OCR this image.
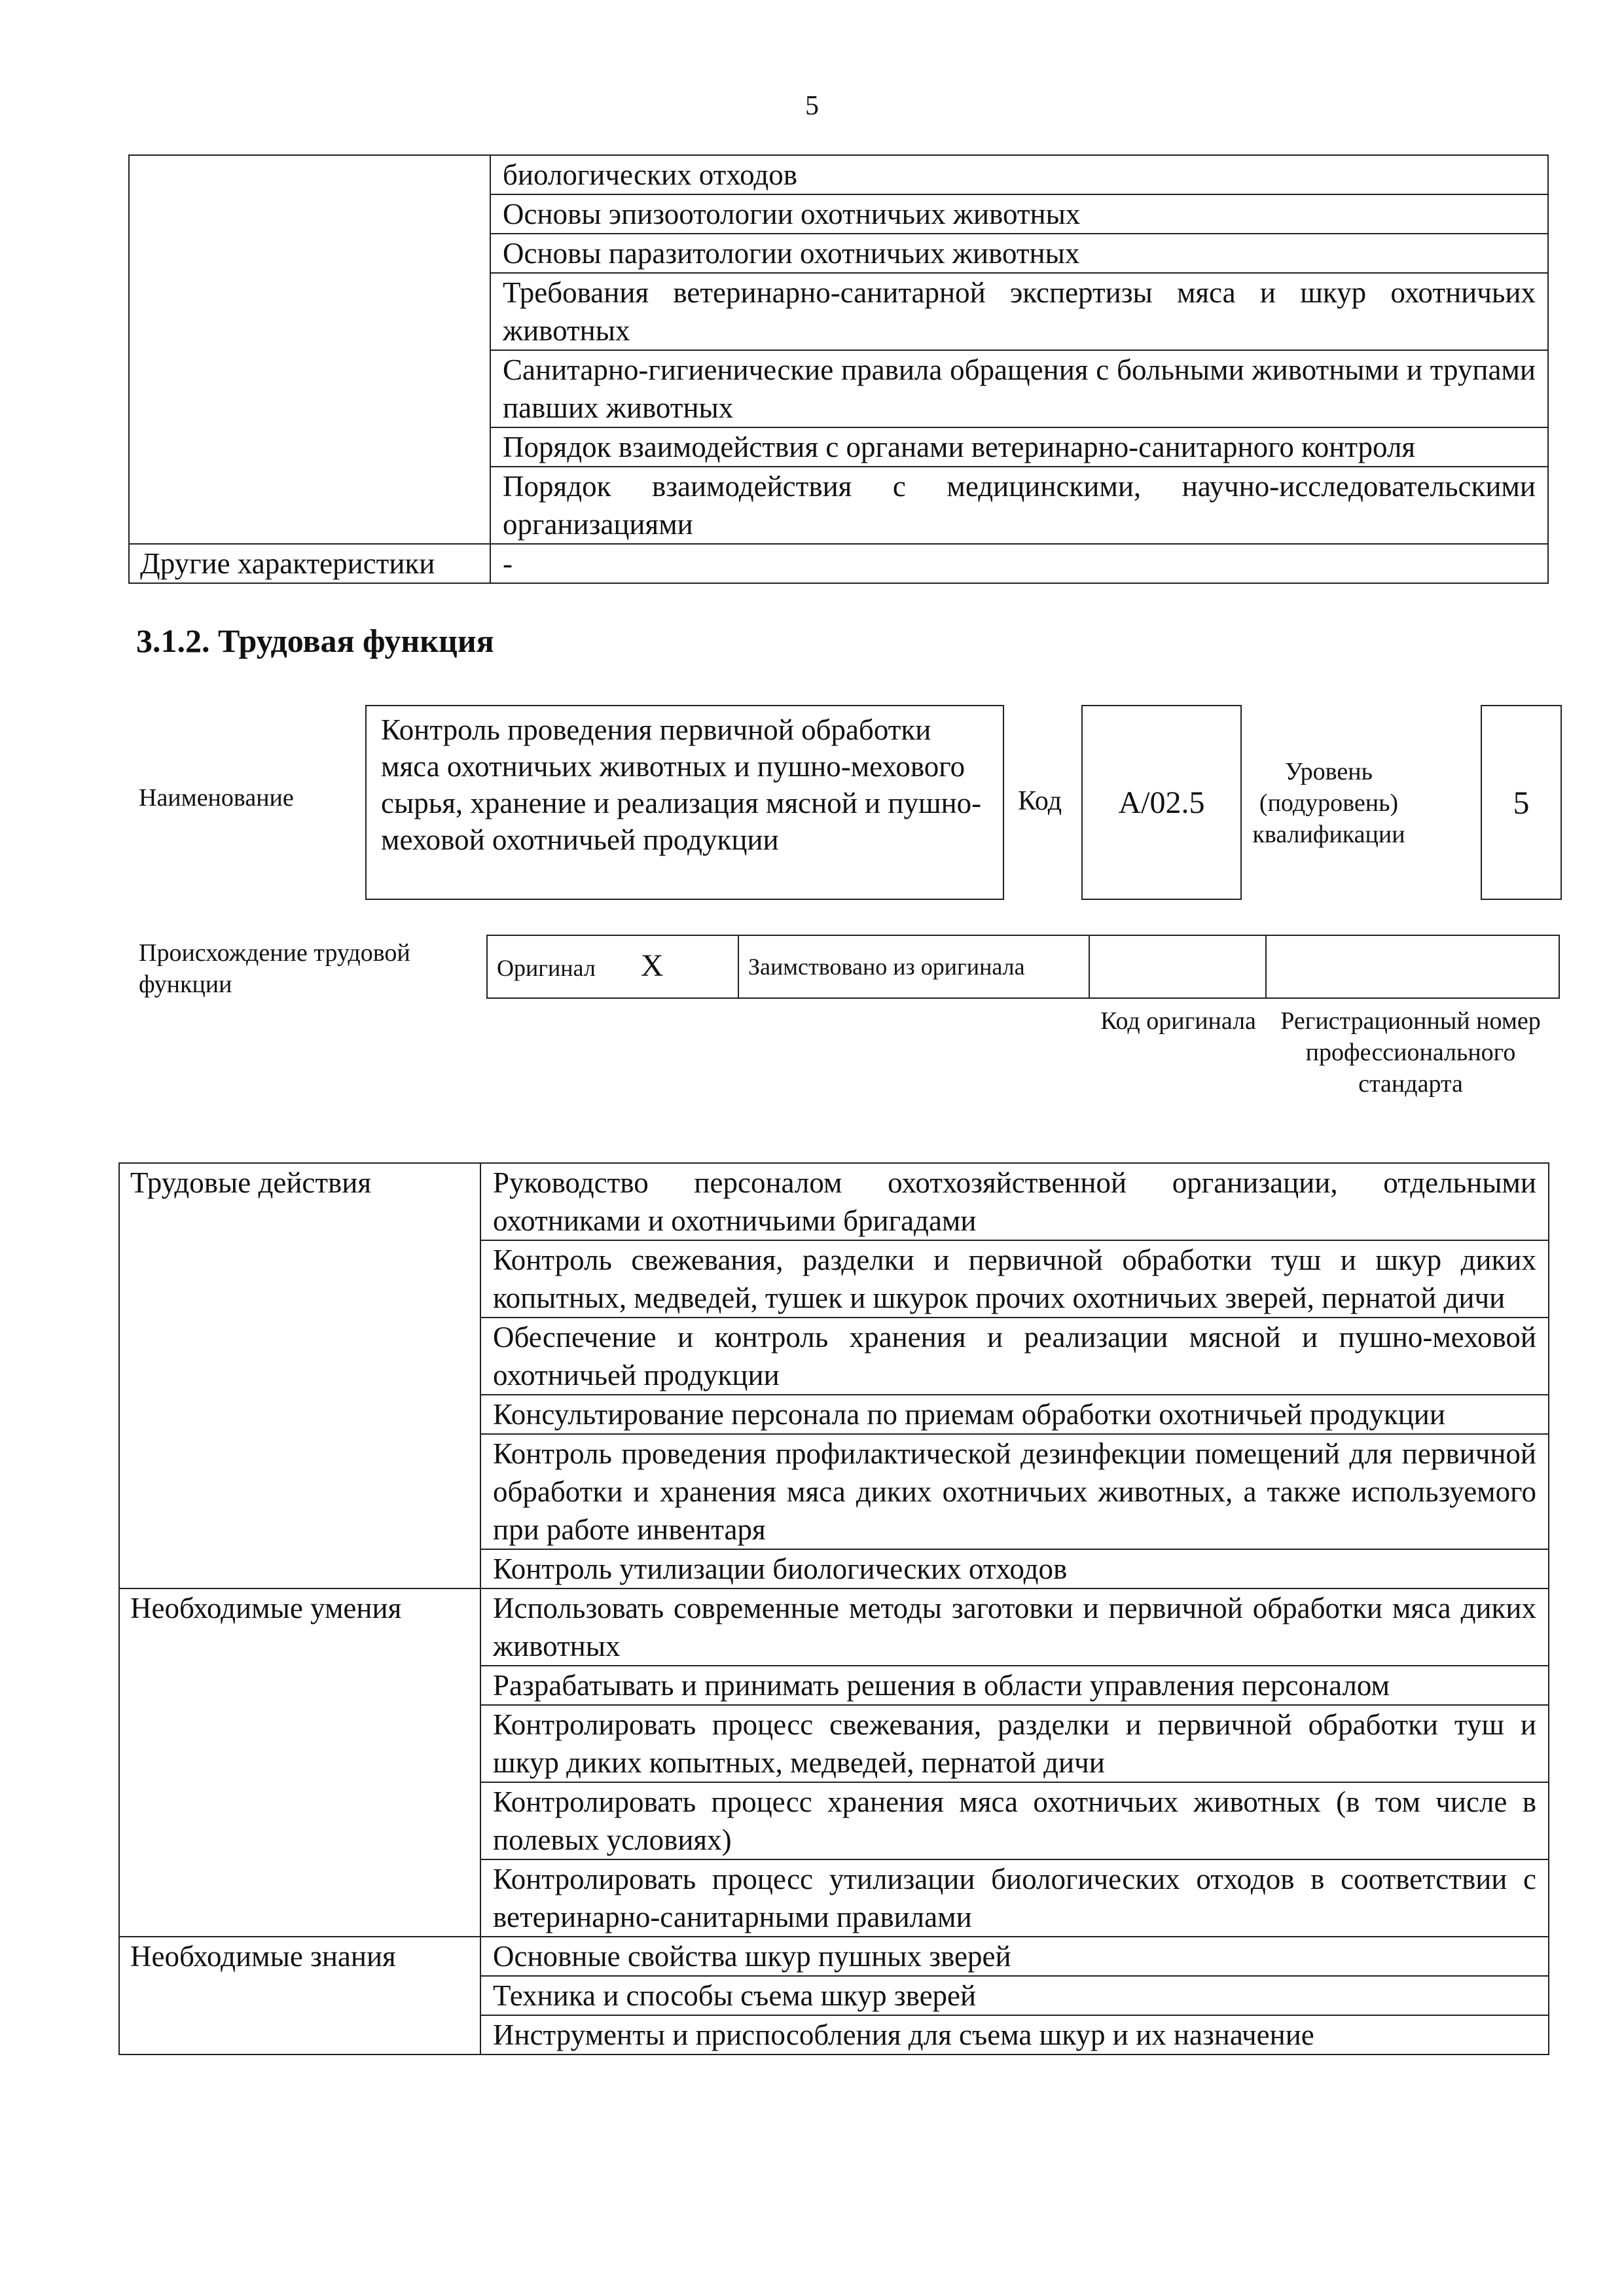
5
	биологических отходов
	Основы эпизоотологии охотничьих животных
	Основы паразитологии охотничьих животных
	Требования ветеринарно-санитарной экспертизы мяса и шкур охотничьих животных
	Санитарно-гигиенические правила обращения с больными животными и трупами павших животных
	Порядок взаимодействия с органами ветеринарно-санитарного контроля
	Порядок взаимодействия с медицинскими, научно-исследовательскими организациями
Другие характеристики	-
3.1.2. Трудовая функция
Наименование
Контроль проведения первичной обработки мяса охотничьих животных и пушно-мехового сырья, хранение и реализация мясной и пушно-меховой охотничьей продукции
Код A/02.5
Уровень (подуровень) квалификации
5
Происхождение трудовой функции
Оригинал X	Заимствовано из оригинала		
Код оригинала Регистрационный номер профессионального стандарта
Трудовые действия	Руководство персоналом охотхозяйственной организации, отдельными охотниками и охотничьими бригадами
	Контроль свежевания, разделки и первичной обработки туш и шкур диких копытных, медведей, тушек и шкурок прочих охотничьих зверей, пернатой дичи
	Обеспечение и контроль хранения и реализации мясной и пушно-меховой охотничьей продукции
	Консультирование персонала по приемам обработки охотничьей продукции
	Контроль проведения профилактической дезинфекции помещений для первичной обработки и хранения мяса диких охотничьих животных, а также используемого при работе инвентаря
	Контроль утилизации биологических отходов
Необходимые умения	Использовать современные методы заготовки и первичной обработки мяса диких животных
	Разрабатывать и принимать решения в области управления персоналом
	Контролировать процесс свежевания, разделки и первичной обработки туш и шкур диких копытных, медведей, пернатой дичи
	Контролировать процесс хранения мяса охотничьих животных (в том числе в полевых условиях)
	Контролировать процесс утилизации биологических отходов в соответствии с ветеринарно-санитарными правилами
Необходимые знания	Основные свойства шкур пушных зверей
	Техника и способы съема шкур зверей
	Инструменты и приспособления для съема шкур и их назначение
